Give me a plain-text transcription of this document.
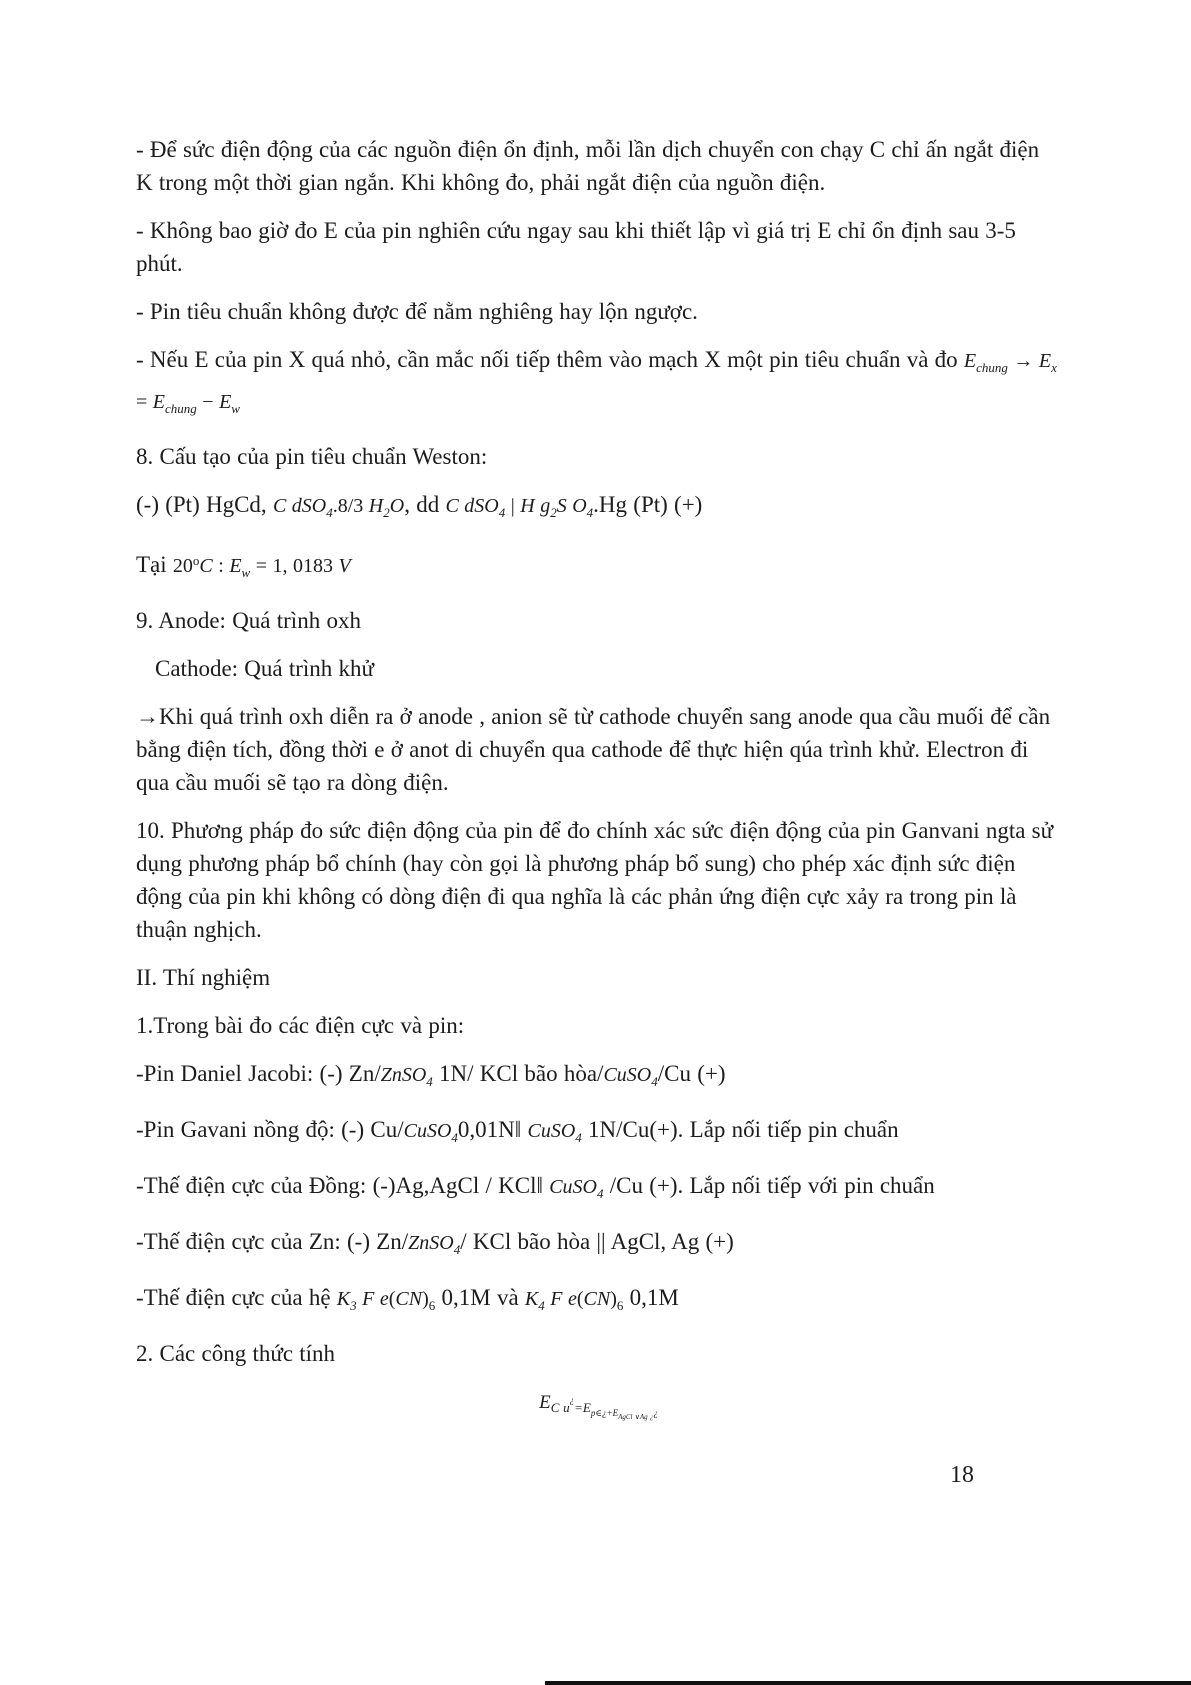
- Để sức điện động của các nguồn điện ổn định, mỗi lần dịch chuyển con chạy C chỉ ấn ngắt điện K trong một thời gian ngắn. Khi không đo, phải ngắt điện của nguồn điện.
- Không bao giờ đo E của pin nghiên cứu ngay sau khi thiết lập vì giá trị E chỉ ổn định sau 3-5 phút.
- Pin tiêu chuẩn không được để nằm nghiêng hay lộn ngược.
- Nếu E của pin X quá nhỏ, cần mắc nối tiếp thêm vào mạch X một pin tiêu chuẩn và đo $E_{chung} \to E_x = E_{chung} - E_w$
8. Cấu tạo của pin tiêu chuẩn Weston:
(-) (Pt) HgCd, C dSO$_4$.8/3 $H_2O$, dd C dSO$_4$ | H $g_2S$ $O_4.Hg$ (Pt) (+)
Tại 20$^o$C : $E_w = 1$, 0183 V
9. Anode: Quá trình oxh
Cathode: Quá trình khử
→Khi quá trình oxh diễn ra ở anode , anion sẽ từ cathode chuyển sang anode qua cầu muối để cần bằng điện tích, đồng thời e ở anot di chuyển qua cathode để thực hiện qúa trình khử. Electron đi qua cầu muối sẽ tạo ra dòng điện.
10. Phương pháp đo sức điện động của pin để đo chính xác sức điện động của pin Ganvani ngta sử dụng phương pháp bổ chính (hay còn gọi là phương pháp bổ sung) cho phép xác định sức điện động của pin khi không có dòng điện đi qua nghĩa là các phản ứng điện cực xảy ra trong pin là thuận nghịch.
II. Thí nghiệm
1.Trong bài đo các điện cực và pin:
-Pin Daniel Jacobi: (-) Zn/ZnSO$_4$ 1N/ KCl bão hòa/CuSO$_4$/Cu (+)
-Pin Gavani nồng độ: (-) Cu/CuSO$_4$0,01N‖ CuSO$_4$ 1N/Cu(+). Lắp nối tiếp pin chuẩn
-Thế điện cực của Đồng: (-)Ag,AgCl / KCl‖ CuSO$_4$ /Cu (+). Lắp nối tiếp với pin chuẩn
-Thế điện cực của Zn: (-) Zn/ZnSO$_4$/ KCl bão hòa || AgCl, Ag (+)
-Thế điện cực của hệ $K_3$ F $e(CN)_6$ 0,1M và $K_4$ F $e(CN)_6$ 0,1M
2. Các công thức tính
EC $u^¿=E_{p\in¿+EAgCl \vee Ag ¿¿}$
18
